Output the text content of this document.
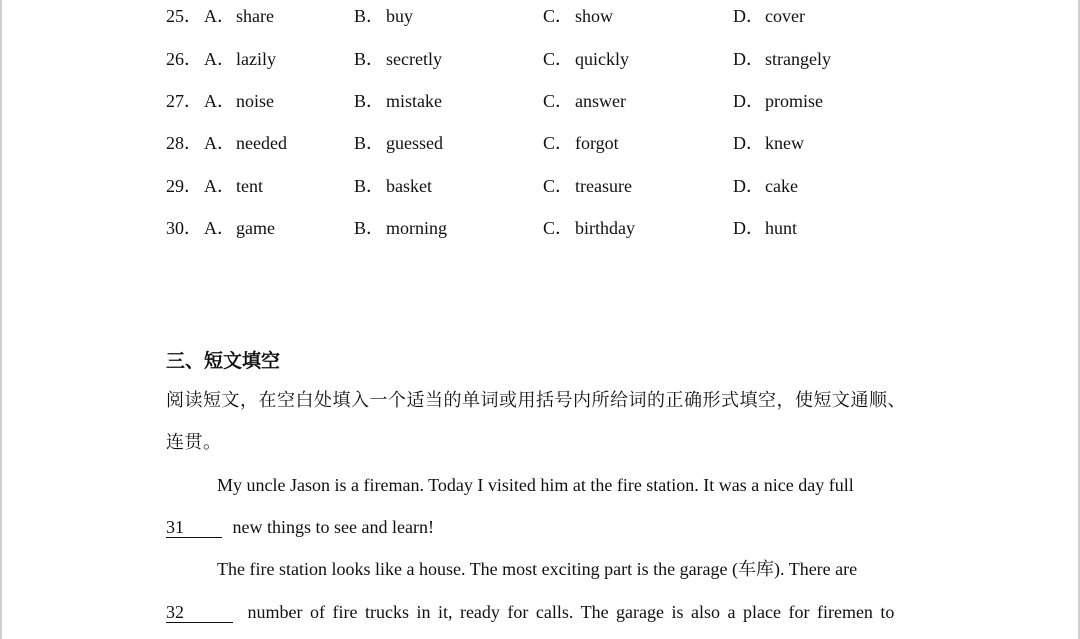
25． A．share	B． buy	C． show	D．cover
26． A．lazily	B． secretly	C． quickly	D．strangely
27． A．noise	B． mistake	C． answer	D．promise
28． A．needed	B． guessed	C． forgot	D．knew
29． A．tent	B． basket	C． treasure	D．cake
30． A．game	B． morning	C． birthday	D．hunt
三、短文填空
阅读短文，在空白处填入一个适当的单词或用括号内所给词的正确形式填空，使短文通顺、
连贯。
My uncle Jason is a fireman. Today I visited him at the fire station. It was a nice day full
31	new things to see and learn!
The fire station looks like a house. The most exciting part is the garage (车库). There are
32	number of fire trucks in it, ready for calls. The garage is also a place for firemen to
